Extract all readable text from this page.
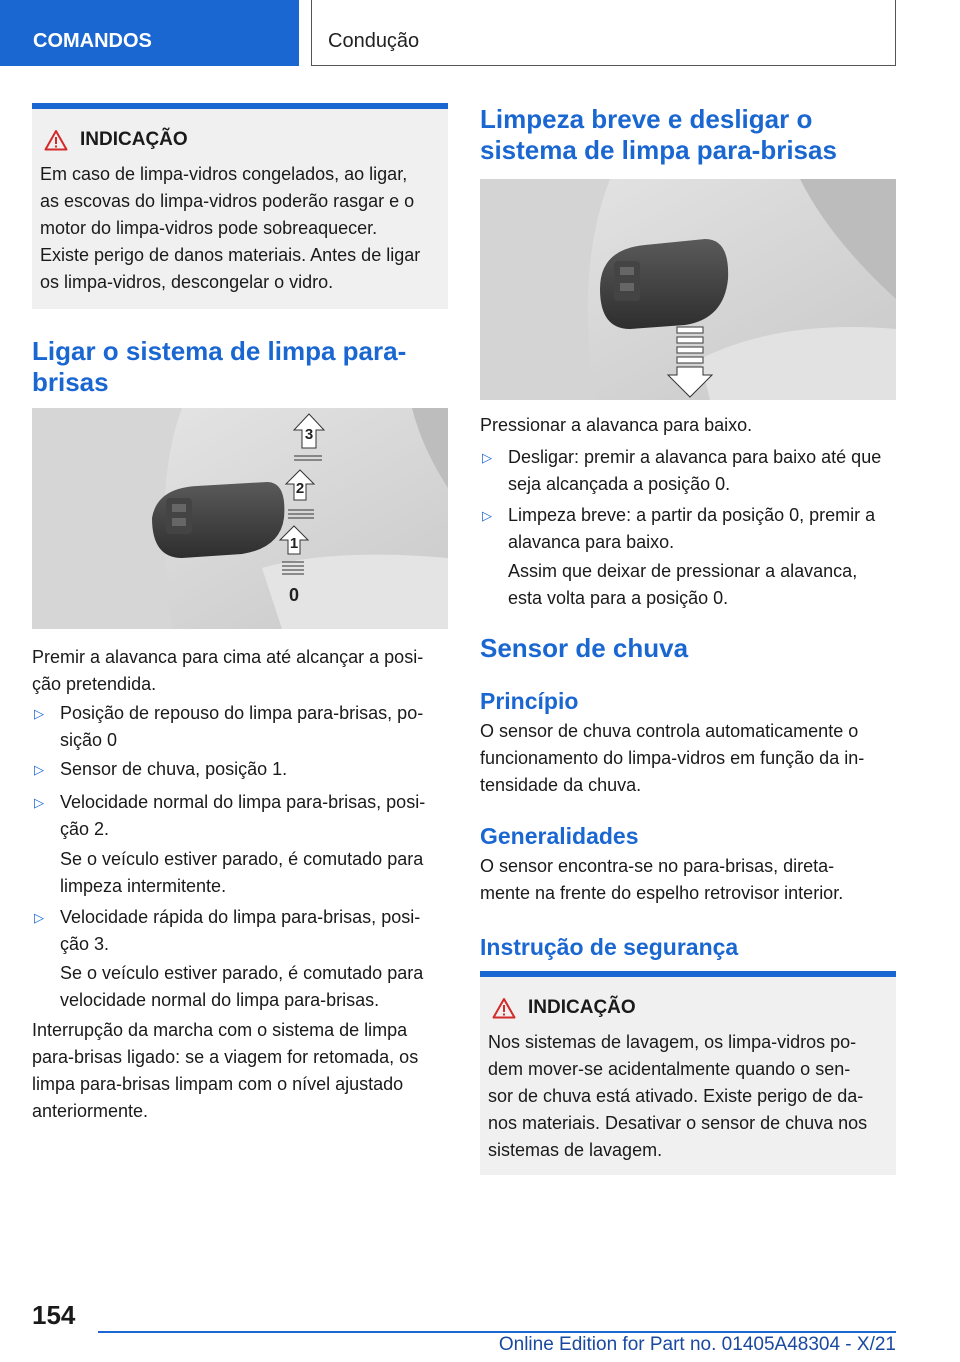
COMANDOS	Condução
INDICAÇÃO
Em caso de limpa-vidros congelados, ao ligar,
as escovas do limpa-vidros poderão rasgar e o
motor do limpa-vidros pode sobreaquecer.
Existe perigo de danos materiais. Antes de ligar
os limpa-vidros, descongelar o vidro.
Ligar o sistema de limpa para-
brisas
3
2
1
0
Premir a alavanca para cima até alcançar a posi-
ção pretendida.
▷ Posição de repouso do limpa para-brisas, po-
sição 0
▷ Sensor de chuva, posição 1.
▷ Velocidade normal do limpa para-brisas, posi-
ção 2.
Se o veículo estiver parado, é comutado para
limpeza intermitente.
▷ Velocidade rápida do limpa para-brisas, posi-
ção 3.
Se o veículo estiver parado, é comutado para
velocidade normal do limpa para-brisas.
Interrupção da marcha com o sistema de limpa
para-brisas ligado: se a viagem for retomada, os
limpa para-brisas limpam com o nível ajustado
anteriormente.
Limpeza breve e desligar o
sistema de limpa para-brisas
Pressionar a alavanca para baixo.
▷ Desligar: premir a alavanca para baixo até que
seja alcançada a posição 0.
▷ Limpeza breve: a partir da posição 0, premir a
alavanca para baixo.
Assim que deixar de pressionar a alavanca,
esta volta para a posição 0.
Sensor de chuva
Princípio
O sensor de chuva controla automaticamente o
funcionamento do limpa-vidros em função da in-
tensidade da chuva.
Generalidades
O sensor encontra-se no para-brisas, direta-
mente na frente do espelho retrovisor interior.
Instrução de segurança
INDICAÇÃO
Nos sistemas de lavagem, os limpa-vidros po-
dem mover-se acidentalmente quando o sen-
sor de chuva está ativado. Existe perigo de da-
nos materiais. Desativar o sensor de chuva nos
sistemas de lavagem.
154
Online Edition for Part no. 01405A48304 - X/21
